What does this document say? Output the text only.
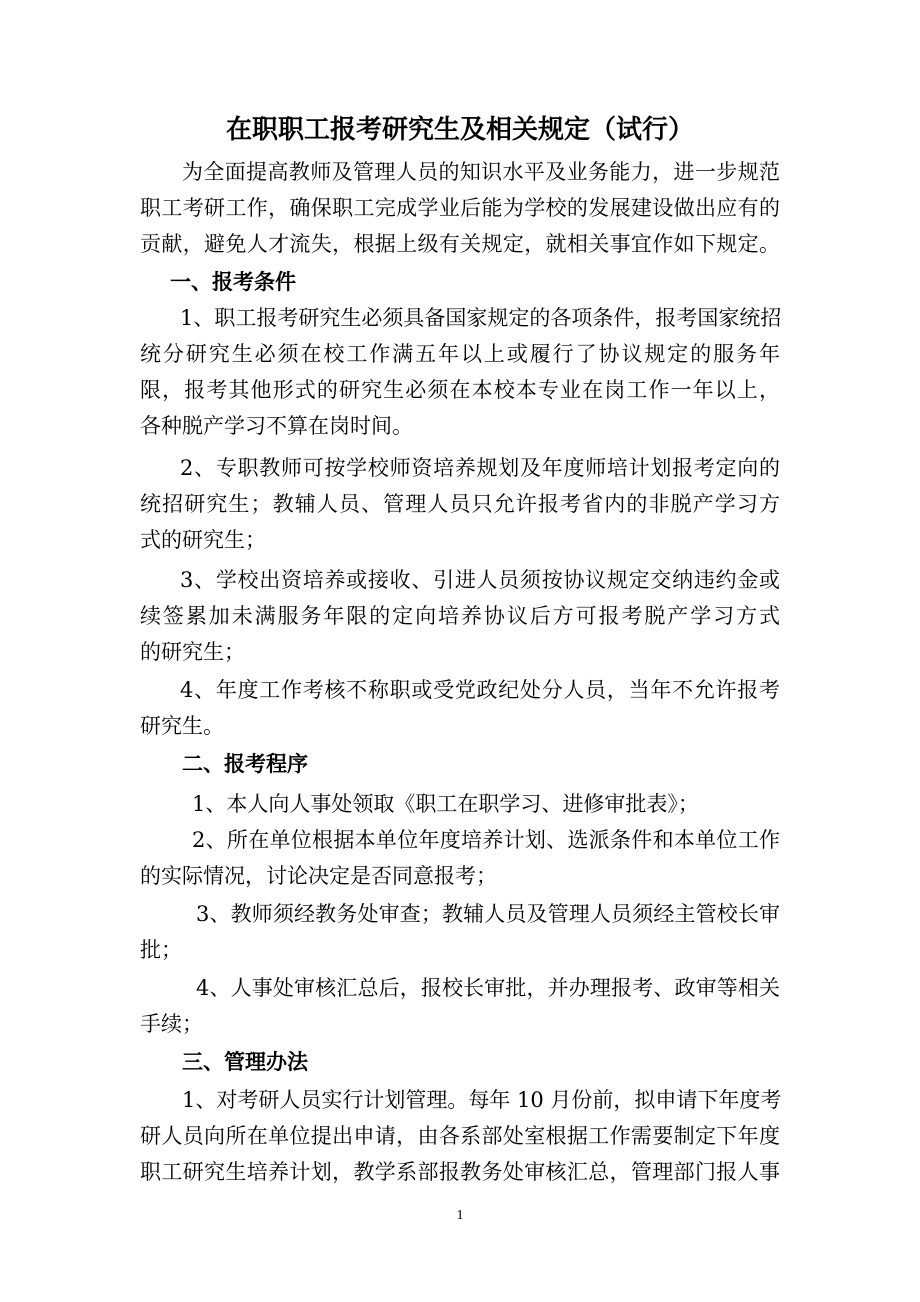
在职职工报考研究生及相关规定（试行）
为全面提高教师及管理人员的知识水平及业务能力，进一步规范
职工考研工作，确保职工完成学业后能为学校的发展建设做出应有的
贡献，避免人才流失，根据上级有关规定，就相关事宜作如下规定。
一、报考条件
1、职工报考研究生必须具备国家规定的各项条件，报考国家统招
统分研究生必须在校工作满五年以上或履行了协议规定的服务年
限，报考其他形式的研究生必须在本校本专业在岗工作一年以上，
各种脱产学习不算在岗时间。
2、专职教师可按学校师资培养规划及年度师培计划报考定向的
统招研究生；教辅人员、管理人员只允许报考省内的非脱产学习方
式的研究生；
3、学校出资培养或接收、引进人员须按协议规定交纳违约金或
续签累加未满服务年限的定向培养协议后方可报考脱产学习方式
的研究生；
4、年度工作考核不称职或受党政纪处分人员，当年不允许报考
研究生。
二、报考程序
1、本人向人事处领取《职工在职学习、进修审批表》；
2、所在单位根据本单位年度培养计划、选派条件和本单位工作
的实际情况，讨论决定是否同意报考；
3、教师须经教务处审查；教辅人员及管理人员须经主管校长审
批；
4、人事处审核汇总后，报校长审批，并办理报考、政审等相关
手续；
三、管理办法
1、对考研人员实行计划管理。每年 10 月份前，拟申请下年度考
研人员向所在单位提出申请，由各系部处室根据工作需要制定下年度
职工研究生培养计划，教学系部报教务处审核汇总，管理部门报人事
1
